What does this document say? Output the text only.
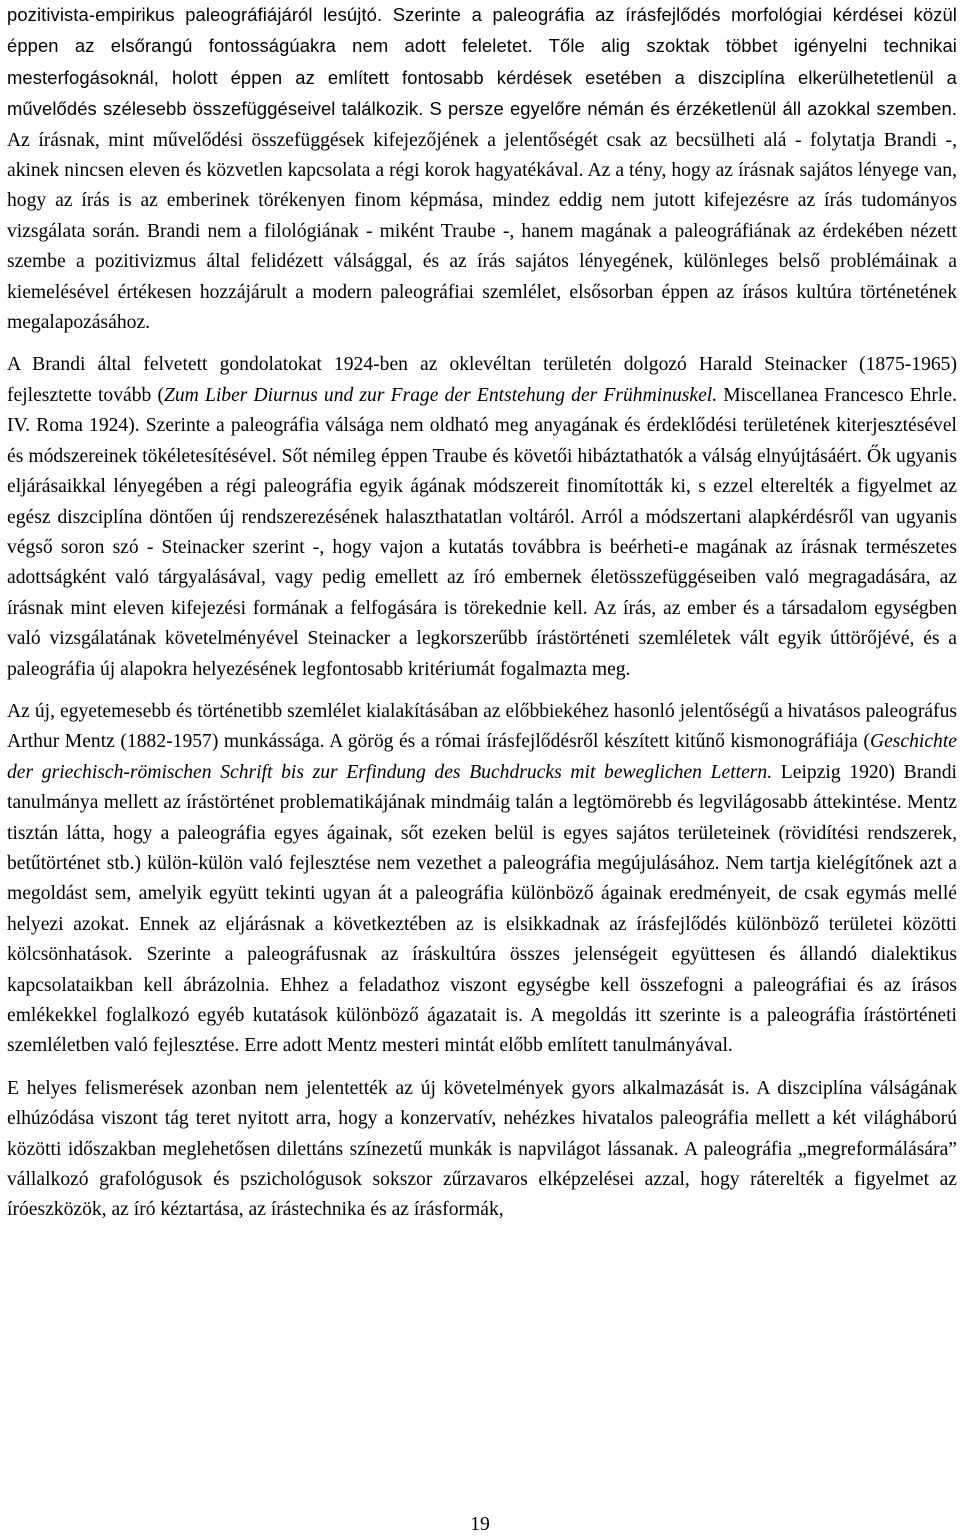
pozitivista-empirikus paleográfiájáról lesújtó. Szerinte a paleográfia az írásfejlődés morfológiai kérdései közül éppen az elsőrangú fontosságúakra nem adott feleletet. Tőle alig szoktak többet igényelni technikai mesterfogásoknál, holott éppen az említett fontosabb kérdések esetében a diszciplína elkerülhetetlenül a művelődés szélesebb összefüggéseivel találkozik. S persze egyelőre némán és érzéketlenül áll azokkal szemben. Az írásnak, mint művelődési összefüggések kifejezőjének a jelentőségét csak az becsülheti alá - folytatja Brandi -, akinek nincsen eleven és közvetlen kapcsolata a régi korok hagyatékával. Az a tény, hogy az írásnak sajátos lényege van, hogy az írás is az emberinek törékenyen finom képmása, mindez eddig nem jutott kifejezésre az írás tudományos vizsgálata során. Brandi nem a filológiának - miként Traube -, hanem magának a paleográfiának az érdekében nézett szembe a pozitivizmus által felidézett válsággal, és az írás sajátos lényegének, különleges belső problémáinak a kiemelésével értékesen hozzájárult a modern paleográfiai szemlélet, elsősorban éppen az írásos kultúra történetének megalapozásához.

A Brandi által felvetett gondolatokat 1924-ben az oklevéltan területén dolgozó Harald Steinacker (1875-1965) fejlesztette tovább (Zum Liber Diurnus und zur Frage der Entstehung der Frühminuskel. Miscellanea Francesco Ehrle. IV. Roma 1924). Szerinte a paleográfia válsága nem oldható meg anyagának és érdeklődési területének kiterjesztésével és módszereinek tökéletesítésével. Sőt némileg éppen Traube és követői hibáztathatók a válság elnyújtásáért. Ők ugyanis eljárásaikkal lényegében a régi paleográfia egyik ágának módszereit finomították ki, s ezzel elterelték a figyelmet az egész diszciplína döntően új rendszerezésének halaszthatatlan voltáról. Arról a módszertani alapkérdésről van ugyanis végső soron szó - Steinacker szerint -, hogy vajon a kutatás továbbra is beérheti-e magának az írásnak természetes adottságként való tárgyalásával, vagy pedig emellett az író embernek életösszefüggéseiben való megragadására, az írásnak mint eleven kifejezési formának a felfogására is törekednie kell. Az írás, az ember és a társadalom egységben való vizsgálatának követelményével Steinacker a legkorszerűbb írástörténeti szemléletek vált egyik úttörőjévé, és a paleográfia új alapokra helyezésének legfontosabb kritériumát fogalmazta meg.

Az új, egyetemesebb és történetibb szemlélet kialakításában az előbbiekéhez hasonló jelentőségű a hivatásos paleográfus Arthur Mentz (1882-1957) munkássága. A görög és a római írásfejlődésről készített kitűnő kismonográfiája (Geschichte der griechisch-römischen Schrift bis zur Erfindung des Buchdrucks mit beweglichen Lettern. Leipzig 1920) Brandi tanulmánya mellett az írástörténet problematikájának mindmáig talán a legtömörebb és legvilágosabb áttekintése. Mentz tisztán látta, hogy a paleográfia egyes ágainak, sőt ezeken belül is egyes sajátos területeinek (rövidítési rendszerek, betűtörténet stb.) külön-külön való fejlesztése nem vezethet a paleográfia megújulásához. Nem tartja kielégítőnek azt a megoldást sem, amelyik együtt tekinti ugyan át a paleográfia különböző ágainak eredményeit, de csak egymás mellé helyezi azokat. Ennek az eljárásnak a következtében az is elsikkadnak az írásfejlődés különböző területei közötti kölcsönhatások. Szerinte a paleográfusnak az íráskultúra összes jelenségeit együttesen és állandó dialektikus kapcsolataikban kell ábrázolnia. Ehhez a feladathoz viszont egységbe kell összefogni a paleográfiai és az írásos emlékekkel foglalkozó egyéb kutatások különböző ágazatait is. A megoldás itt szerinte is a paleográfia írástörténeti szemléletben való fejlesztése. Erre adott Mentz mesteri mintát előbb említett tanulmányával.

E helyes felismerések azonban nem jelentették az új követelmények gyors alkalmazását is. A diszciplína válságának elhúzódása viszont tág teret nyitott arra, hogy a konzervatív, nehézkes hivatalos paleográfia mellett a két világháború közötti időszakban meglehetősen dilettáns színezetű munkák is napvilágot lássanak. A paleográfia „megreformálására” vállalkozó grafológusok és pszichológusok sokszor zűrzavaros elképzelései azzal, hogy ráterelték a figyelmet az íróeszközök, az író kéztartása, az írástechnika és az írásformák,

19
